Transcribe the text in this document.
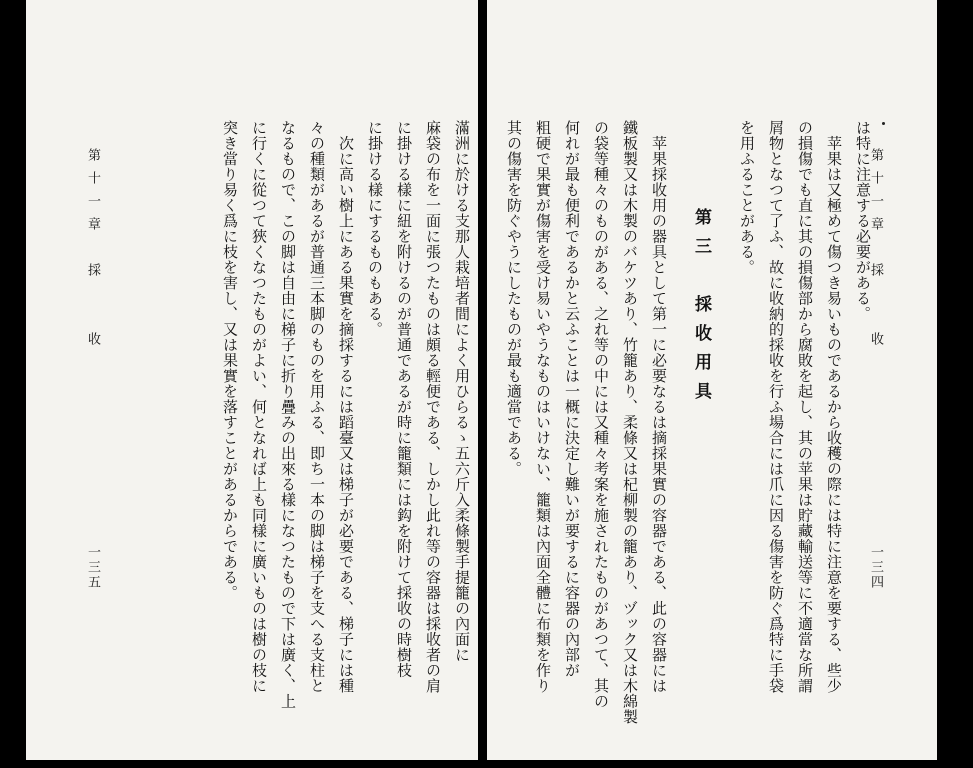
滿洲に於ける支那人栽培者間によく用ひらるゝ五六斤入柔條製手提籠の內面に
麻袋の布を一面に張つたものは頗る輕便である、しかし此れ等の容器は採收者の肩
に掛ける樣に紐を附けるのが普通であるが時に籠類には鈎を附けて採收の時樹枝
に掛ける樣にするものもある。
　次に高い樹上にある果實を摘採するには蹈臺又は梯子が必要である、梯子には種
々の種類があるが普通三本脚のものを用ふる、即ち一本の脚は梯子を支へる支柱と
なるもので、この脚は自由に梯子に折り疊みの出來る樣になつたもので下は廣く、上
に行くに從つて狹くなつたものがよい、何となれば上も同樣に廣いものは樹の枝に
突き當り易く爲に枝を害し、又は果實を落すことがあるからである。
第十一章　採　　收
一三五
は特に注意する必要がある。
　苹果は又極めて傷つき易いものであるから收穫の際には特に注意を要する、些少
の損傷でも直に其の損傷部から腐敗を起し、其の苹果は貯藏輸送等に不適當な所謂
屑物となつて了ふ、故に收納的採收を行ふ場合には爪に因る傷害を防ぐ爲特に手袋
を用ふることがある。
第三　採收用具
　苹果採收用の器具として第一に必要なるは摘採果實の容器である、此の容器には
鐵板製又は木製のバケツあり、竹籠あり、柔條又は杞柳製の籠あり、ヅック又は木綿製
の袋等種々のものがある、之れ等の中には又種々考案を施されたものがあつて、其の
何れが最も便利であるかと云ふことは一概に決定し難いが要するに容器の內部が
粗硬で果實が傷害を受け易いやうなものはいけない、籠類は內面全體に布類を作り
其の傷害を防ぐやうにしたものが最も適當である。	第十一章　採　　收
一三四
